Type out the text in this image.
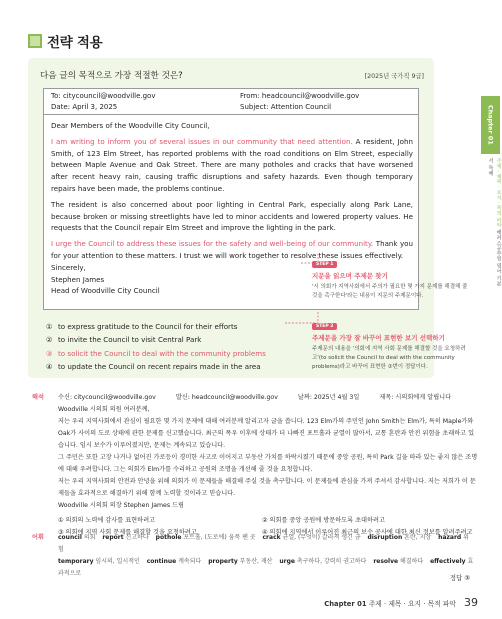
전략 적용
다음 글의 목적으로 가장 적절한 것은?	[2025년 국가직 9급]
To: citycouncil@woodville.gov	From: headcouncil@woodville.gov
Date: April 3, 2025	Subject: Attention Council

Dear Members of the Woodville City Council,

I am writing to inform you of several issues in our community that need attention. A resident, John Smith, of 123 Elm Street, has reported problems with the road conditions on Elm Street, especially between Maple Avenue and Oak Street. There are many potholes and cracks that have worsened after recent heavy rain, causing traffic disruptions and safety hazards. Even though temporary repairs have been made, the problems continue.

The resident is also concerned about poor lighting in Central Park, especially along Park Lane, because broken or missing streetlights have led to minor accidents and lowered property values. He requests that the Council repair Elm Street and improve the lighting in the park.

I urge the Council to address these issues for the safety and well-being of our community. Thank you for your attention to these matters. I trust we will work together to resolve these issues effectively.

Sincerely,

Stephen James

Head of Woodville City Council

① to express gratitude to the Council for their efforts
② to invite the Council to visit Central Park
③ to solicit the Council to deal with the community problems
④ to update the Council on recent repairs made in the area
STEP 1
지문을 읽으며 주제문 찾기
'시 의회가 지역사회에서 주의가 필요한 몇 가지 문제를 해결해 줄 것을 촉구한다'라는 내용이 지문의 주제문이다.
STEP 2
주제문을 가장 잘 바꾸어 표현한 보기 선택하기
주제문의 내용을 '의회에 지역 사회 문제를 해결할 것을 요청하려고'(to solicit the Council to deal with the community problems)라고 바꾸어 표현한 ③번이 정답이다.
Chapter 01
주제 · 제목 · 요지 · 목적 파악 해커스공무원 영어 기본서 독해
해석 수신: citycouncil@woodville.gov	발신: headcouncil@woodville.gov	날짜: 2025년 4월 3일	제목: 시의회에게 알립니다
Woodville 시의회 의원 여러분께,
저는 우리 지역사회에서 관심이 필요한 몇 가지 문제에 대해 여러분께 알리고자 글을 씁니다. 123 Elm가의 주민인 John Smith는 Elm가, 특히 Maple가와 Oak가 사이의 도로 상태에 관한 문제를 신고했습니다. 최근의 폭우 이후에 상태가 더 나빠진 포트홀과 균열이 많아서, 교통 혼란과 안전 위험을 초래하고 있습니다. 임시 보수가 이루어졌지만, 문제는 계속되고 있습니다.
그 주민은 또한 고장 나거나 없어진 가로등이 경미한 사고로 이어지고 부동산 가치를 하락시켰기 때문에 중앙 공원, 특히 Park 길을 따라 있는 좋지 않은 조명에 대해 우려합니다. 그는 의회가 Elm가를 수리하고 공원의 조명을 개선해 줄 것을 요청합니다.
저는 우리 지역사회의 안전과 안녕을 위해 의회가 이 문제들을 해결해 주실 것을 촉구합니다. 이 문제들에 관심을 가져 주셔서 감사합니다. 저는 저희가 이 문제들을 효과적으로 해결하기 위해 함께 노력할 것이라고 믿습니다.
Woodville 시의회 의장 Stephen James 드림
① 의회의 노력에 감사를 표현하려고	② 의회를 중앙 공원에 방문하도록 초대하려고
③ 의회에 지역 사회 문제를 해결할 것을 요청하려고	④ 의회에 지역에서 이루어진 최근의 보수 공사에 대한 최신 정보를 알려주려고
어휘 council 의회 report 신고하다 pothole 포트홀, (도로에) 움푹 팬 곳 crack 균열, (무엇이) 갈라져 생긴 금 disruption 혼란, 지장 hazard 위험
temporary 임시의, 일시적인 continue 계속되다 property 부동산, 재산 urge 촉구하다, 강력히 권고하다 resolve 해결하다 effectively 효과적으로
정답 ③
Chapter 01 주제 · 제목 · 요지 · 목적 파악 39
